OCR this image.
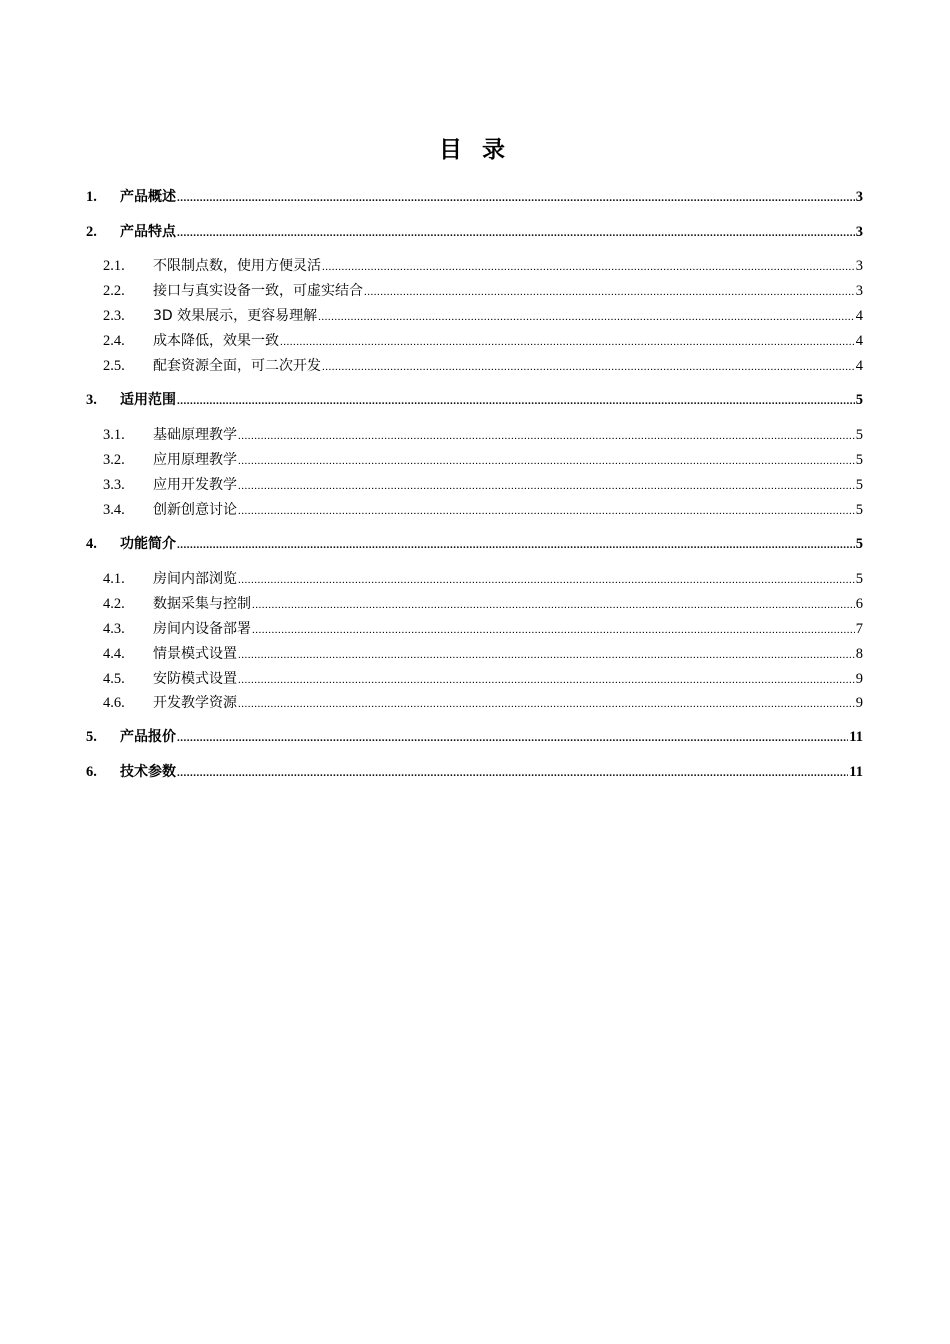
目 录
1.	产品概述 .....	3
2.	产品特点 .....	3
2.1.	不限制点数，使用方便灵活 .....	3
2.2.	接口与真实设备一致，可虚实结合 .....	3
2.3.	3D 效果展示，更容易理解 .....	4
2.4.	成本降低，效果一致 .....	4
2.5.	配套资源全面，可二次开发 .....	4
3.	适用范围 .....	5
3.1.	基础原理教学 .....	5
3.2.	应用原理教学 .....	5
3.3.	应用开发教学 .....	5
3.4.	创新创意讨论 .....	5
4.	功能简介 .....	5
4.1.	房间内部浏览 .....	5
4.2.	数据采集与控制 .....	6
4.3.	房间内设备部署 .....	7
4.4.	情景模式设置 .....	8
4.5.	安防模式设置 .....	9
4.6.	开发教学资源 .....	9
5.	产品报价 .....	11
6.	技术参数 .....	11
